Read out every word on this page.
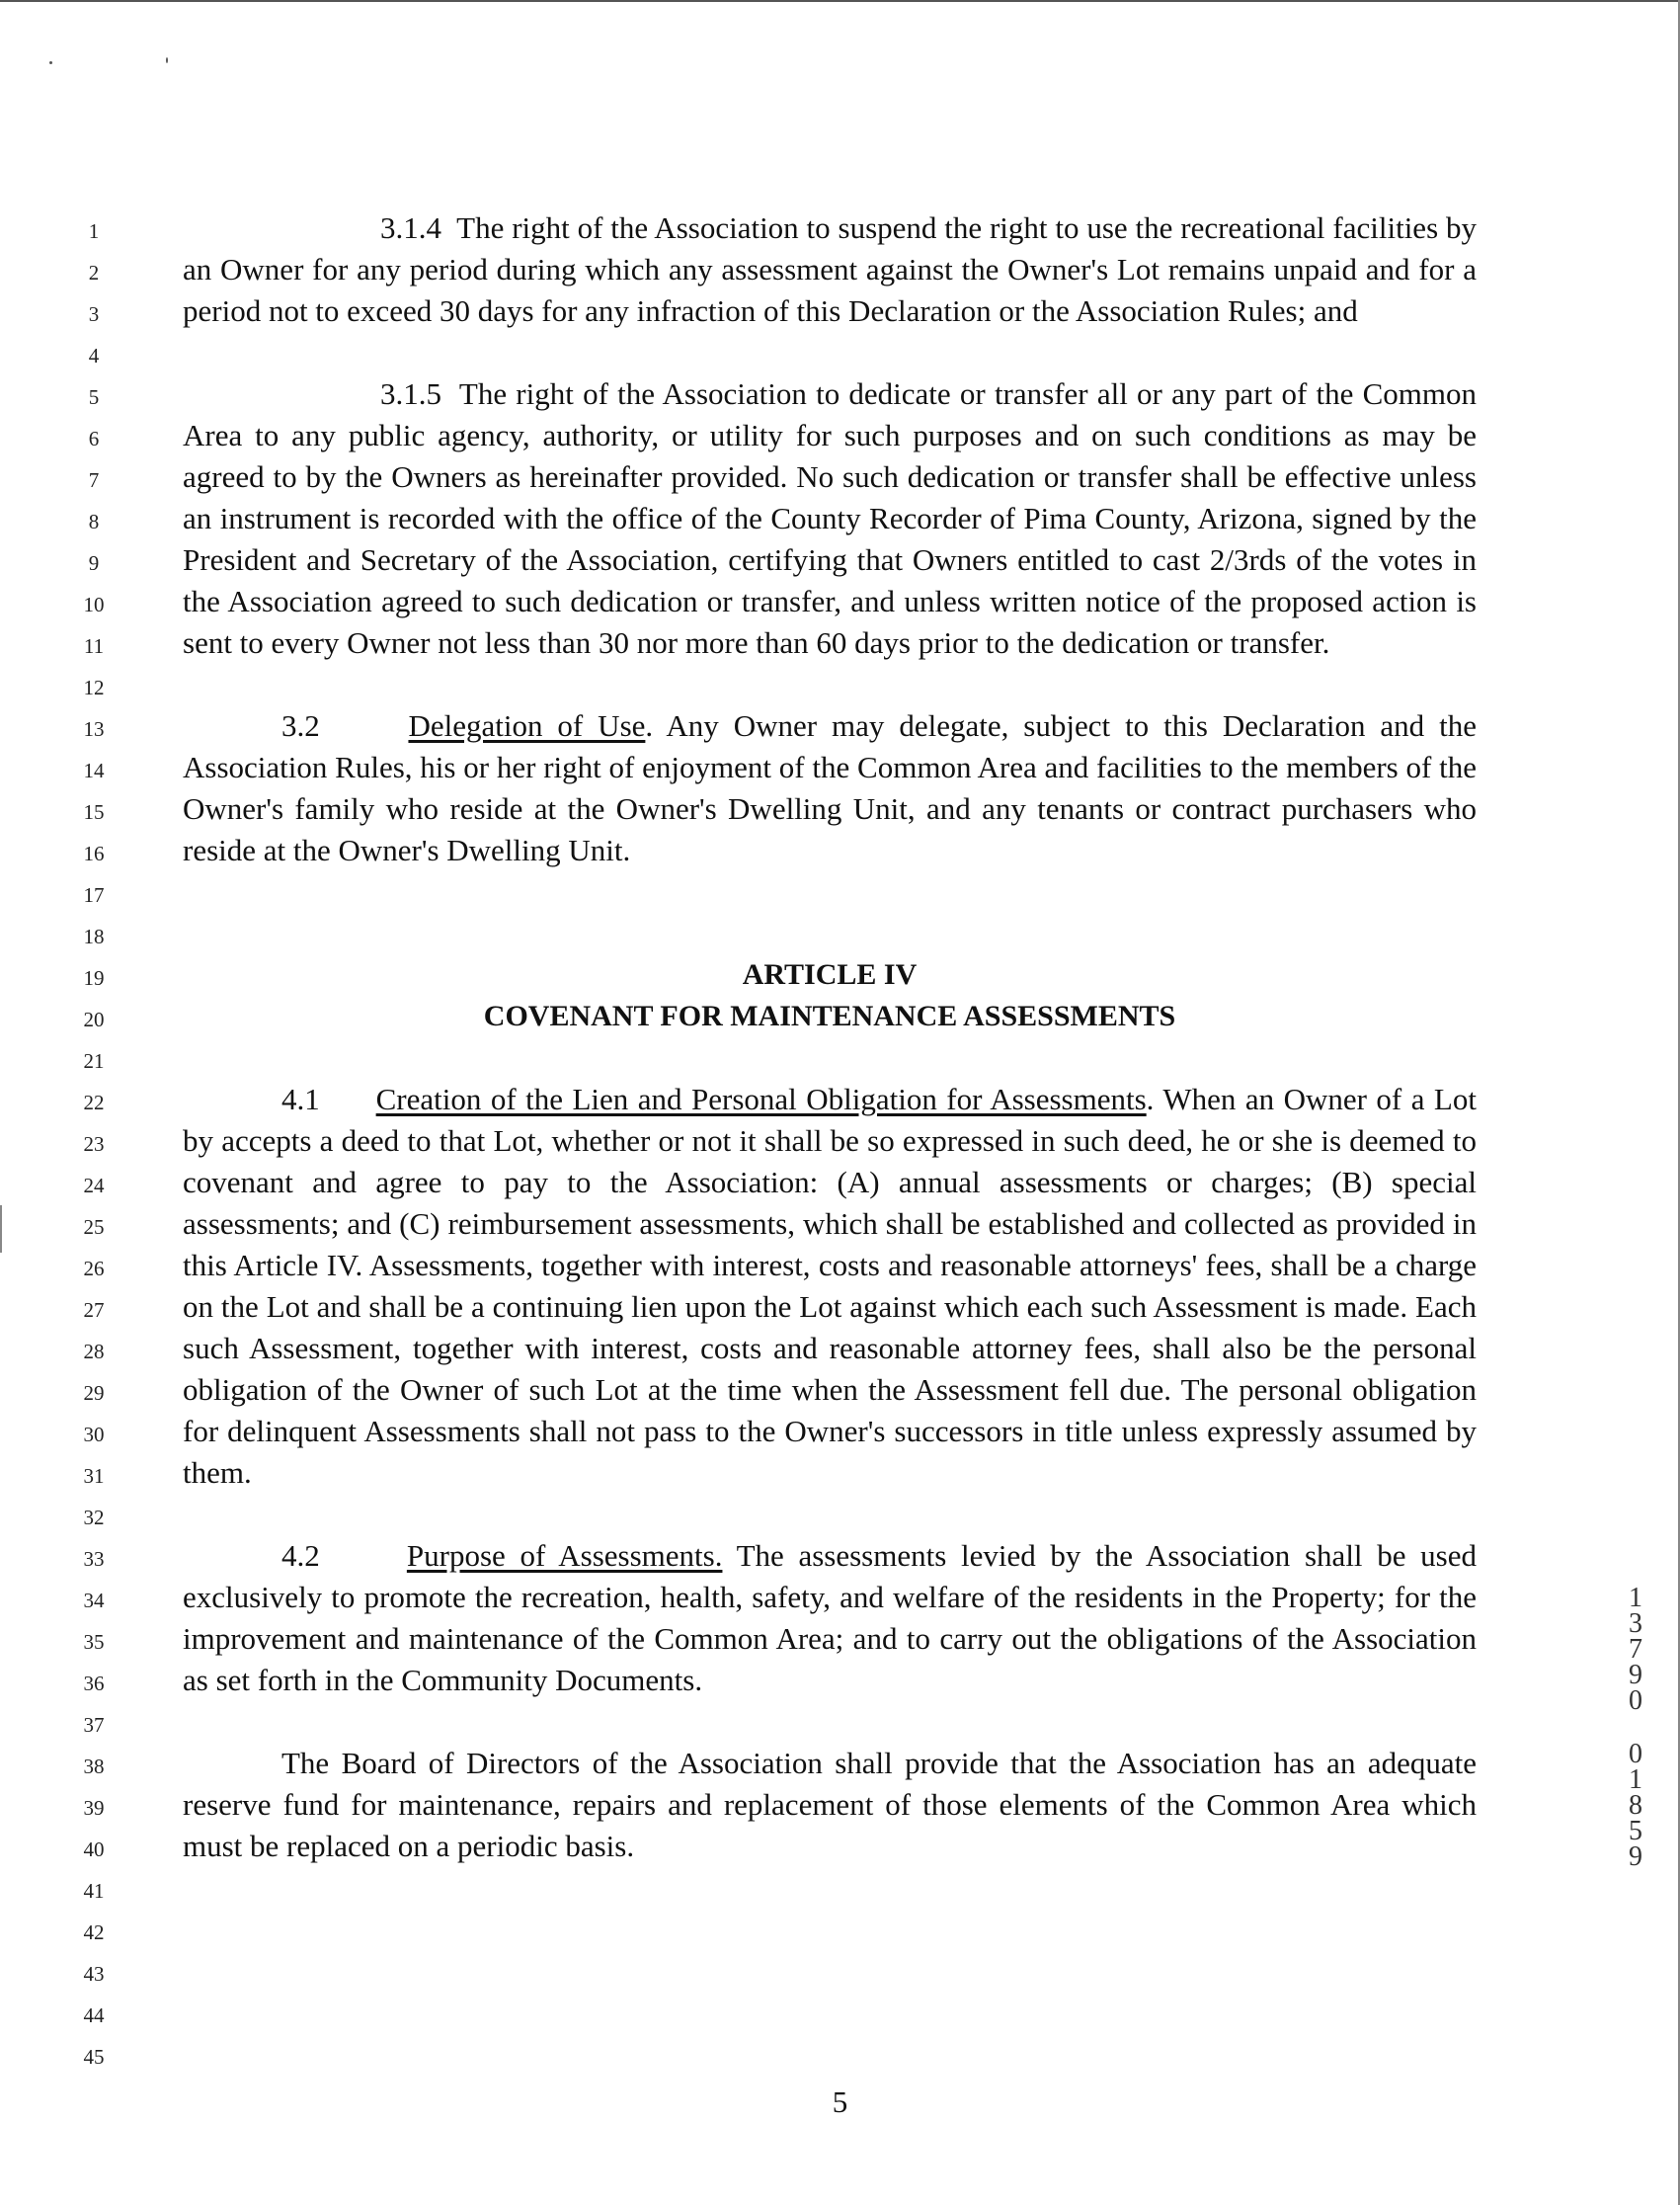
1
2
3
4
5
6
7
8
9
10
11
12
13
14
15
16
17
18
19
20
21
22
23
24
25
26
27
28
29
30
31
32
33
34
35
36
37
38
39
40
41
42
43
44
45

3.1.4 The right of the Association to suspend the right to use the recreational facilities by an Owner for any period during which any assessment against the Owner's Lot remains unpaid and for a period not to exceed 30 days for any infraction of this Declaration or the Association Rules; and

3.1.5 The right of the Association to dedicate or transfer all or any part of the Common Area to any public agency, authority, or utility for such purposes and on such conditions as may be agreed to by the Owners as hereinafter provided. No such dedication or transfer shall be effective unless an instrument is recorded with the office of the County Recorder of Pima County, Arizona, signed by the President and Secretary of the Association, certifying that Owners entitled to cast 2/3rds of the votes in the Association agreed to such dedication or transfer, and unless written notice of the proposed action is sent to every Owner not less than 30 nor more than 60 days prior to the dedication or transfer.

3.2	Delegation of Use. Any Owner may delegate, subject to this Declaration and the Association Rules, his or her right of enjoyment of the Common Area and facilities to the members of the Owner's family who reside at the Owner's Dwelling Unit, and any tenants or contract purchasers who reside at the Owner's Dwelling Unit.

ARTICLE IV

COVENANT FOR MAINTENANCE ASSESSMENTS

4.1 Creation of the Lien and Personal Obligation for Assessments. When an Owner of a Lot by accepts a deed to that Lot, whether or not it shall be so expressed in such deed, he or she is deemed to covenant and agree to pay to the Association: (A) annual assessments or charges; (B) special assessments; and (C) reimbursement assessments, which shall be established and collected as provided in this Article IV. Assessments, together with interest, costs and reasonable attorneys' fees, shall be a charge on the Lot and shall be a continuing lien upon the Lot against which each such Assessment is made. Each such Assessment, together with interest, costs and reasonable attorney fees, shall also be the personal obligation of the Owner of such Lot at the time when the Assessment fell due. The personal obligation for delinquent Assessments shall not pass to the Owner's successors in title unless expressly assumed by them.

4.2	Purpose of Assessments. The assessments levied by the Association shall be used exclusively to promote the recreation, health, safety, and welfare of the residents in the Property; for the improvement and maintenance of the Common Area; and to carry out the obligations of the Association as set forth in the Community Documents.

The Board of Directors of the Association shall provide that the Association has an adequate reserve fund for maintenance, repairs and replacement of those elements of the Common Area which must be replaced on a periodic basis.

5
1
3
7
9
0
0
1
8
5
9
